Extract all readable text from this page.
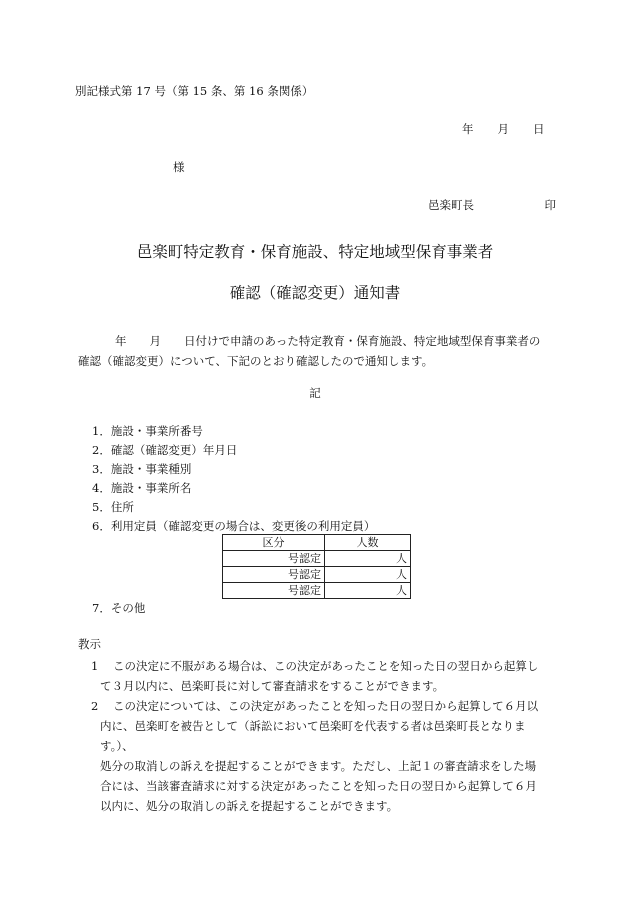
別記様式第 17 号（第 15 条、第 16 条関係）
年 月 日
様
邑楽町長	印
邑楽町特定教育・保育施設、特定地域型保育事業者
確認（確認変更）通知書
年　　月　　日付けで申請のあった特定教育・保育施設、特定地域型保育事業者の
確認（確認変更）について、下記のとおり確認したので通知します。
記
1．施設・事業所番号
2．確認（確認変更）年月日
3．施設・事業種別
4．施設・事業所名
5．住所
6．利用定員（確認変更の場合は、変更後の利用定員）
区分	人数
号認定	人
号認定	人
号認定	人
7．その他
教示
1 この決定に不服がある場合は、この決定があったことを知った日の翌日から起算し
て３月以内に、邑楽町長に対して審査請求をすることができます。
2 この決定については、この決定があったことを知った日の翌日から起算して６月以
内に、邑楽町を被告として（訴訟において邑楽町を代表する者は邑楽町長となります。）、
処分の取消しの訴えを提起することができます。ただし、上記１の審査請求をした場
合には、当該審査請求に対する決定があったことを知った日の翌日から起算して６月
以内に、処分の取消しの訴えを提起することができます。
